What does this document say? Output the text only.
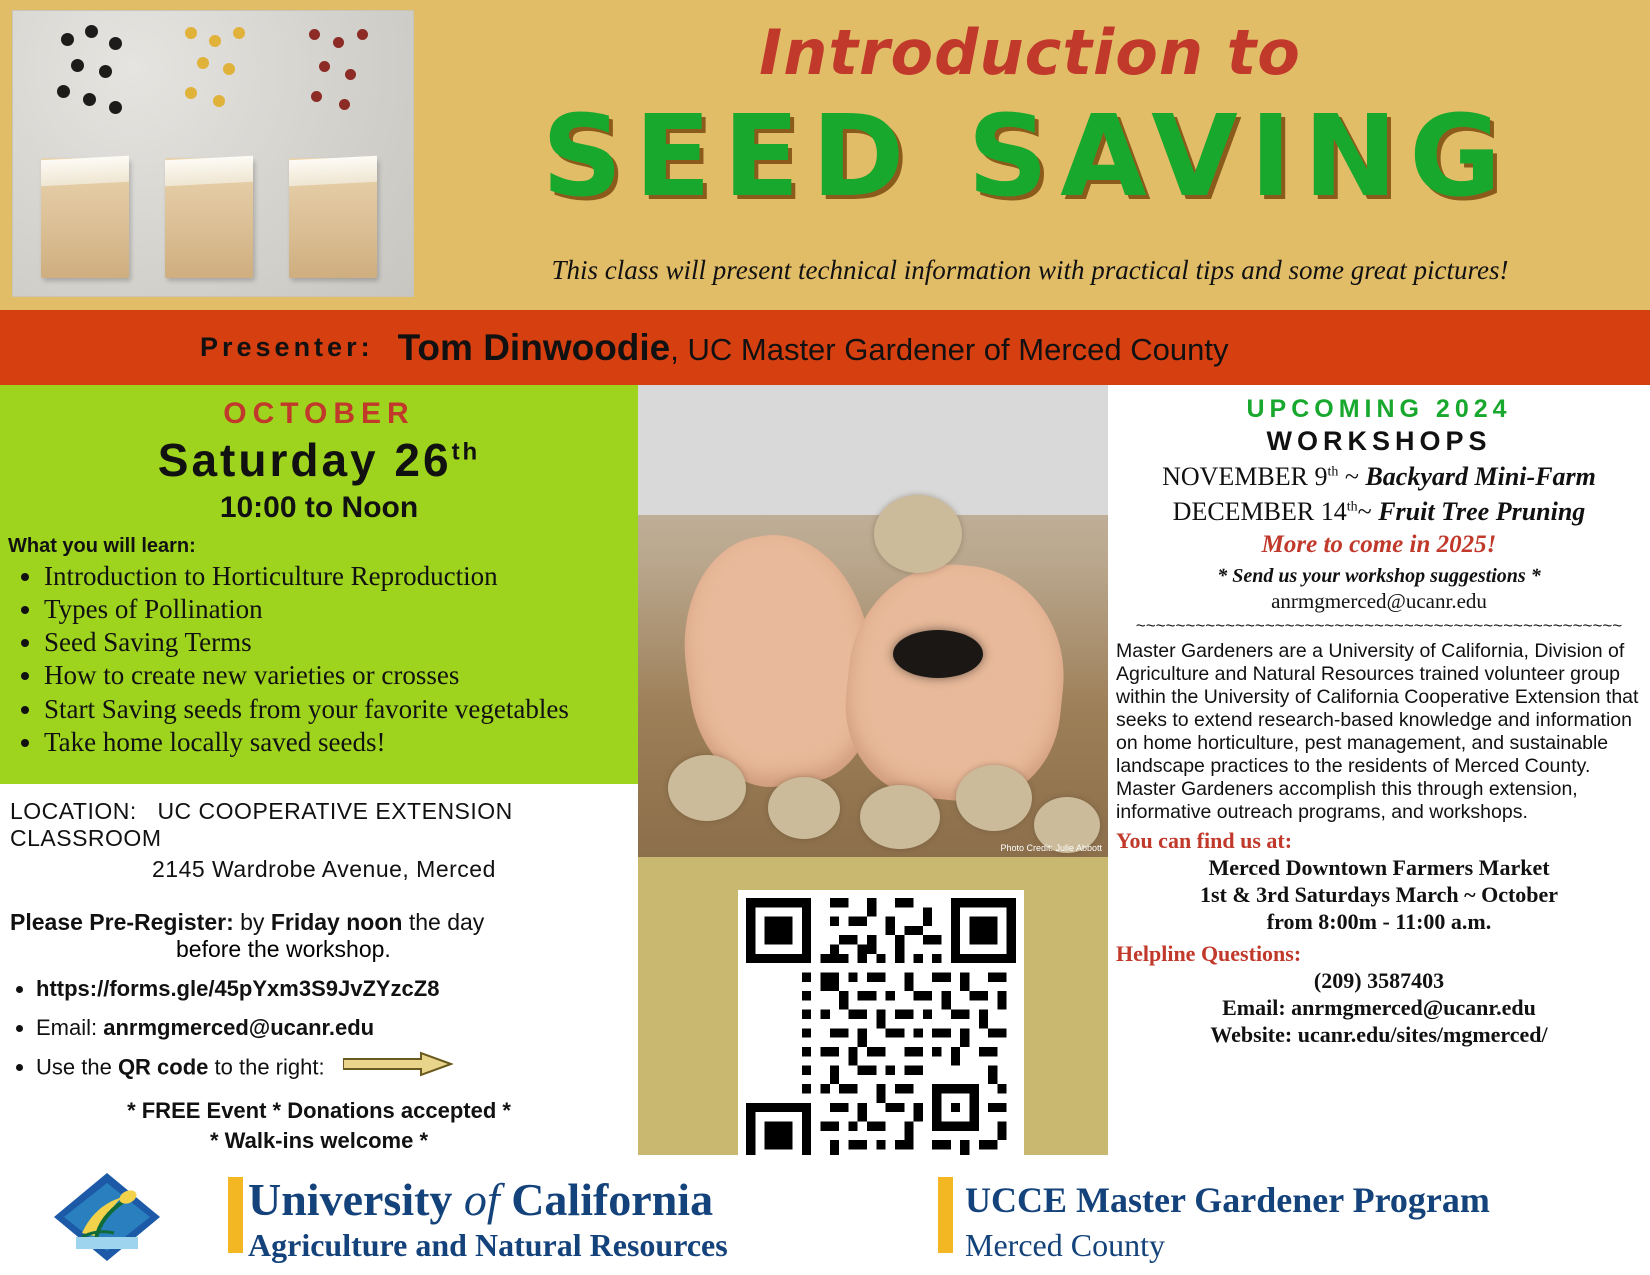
Introduction to
SEED SAVING
This class will present technical information with practical tips and some great pictures!
Presenter: Tom Dinwoodie, UC Master Gardener of Merced County
OCTOBER
Saturday 26th
10:00 to Noon
What you will learn:
• Introduction to Horticulture Reproduction
• Types of Pollination
• Seed Saving Terms
• How to create new varieties or crosses
• Start Saving seeds from your favorite vegetables
• Take home locally saved seeds!
LOCATION: UC COOPERATIVE EXTENSION CLASSROOM
2145 Wardrobe Avenue, Merced
Please Pre-Register: by Friday noon the day
before the workshop.
• https://forms.gle/45pYxm3S9JvZYzcZ8
• Email: anrmgmerced@ucanr.edu
• Use the QR code to the right:
* FREE Event * Donations accepted *
* Walk-ins welcome *
Photo Credit: Julie Abbott
UPCOMING 2024
WORKSHOPS
NOVEMBER 9th ~ Backyard Mini-Farm
DECEMBER 14th~ Fruit Tree Pruning
More to come in 2025!
* Send us your workshop suggestions *
anrmgmerced@ucanr.edu
~~~~~~~~~~~~~~~~~~~~~~~~~~~~~~~~~~~~~~~~~~~~~~~~~
Master Gardeners are a University of California, Division of Agriculture and Natural Resources trained volunteer group within the University of California Cooperative Extension that seeks to extend research-based knowledge and information on home horticulture, pest management, and sustainable landscape practices to the residents of Merced County. Master Gardeners accomplish this through extension, informative outreach programs, and workshops.
You can find us at:
Merced Downtown Farmers Market
1st & 3rd Saturdays March ~ October
from 8:00m - 11:00 a.m.
Helpline Questions:
(209) 3587403
Email: anrmgmerced@ucanr.edu
Website: ucanr.edu/sites/mgmerced/
University of California
Agriculture and Natural Resources
UCCE Master Gardener Program
Merced County
